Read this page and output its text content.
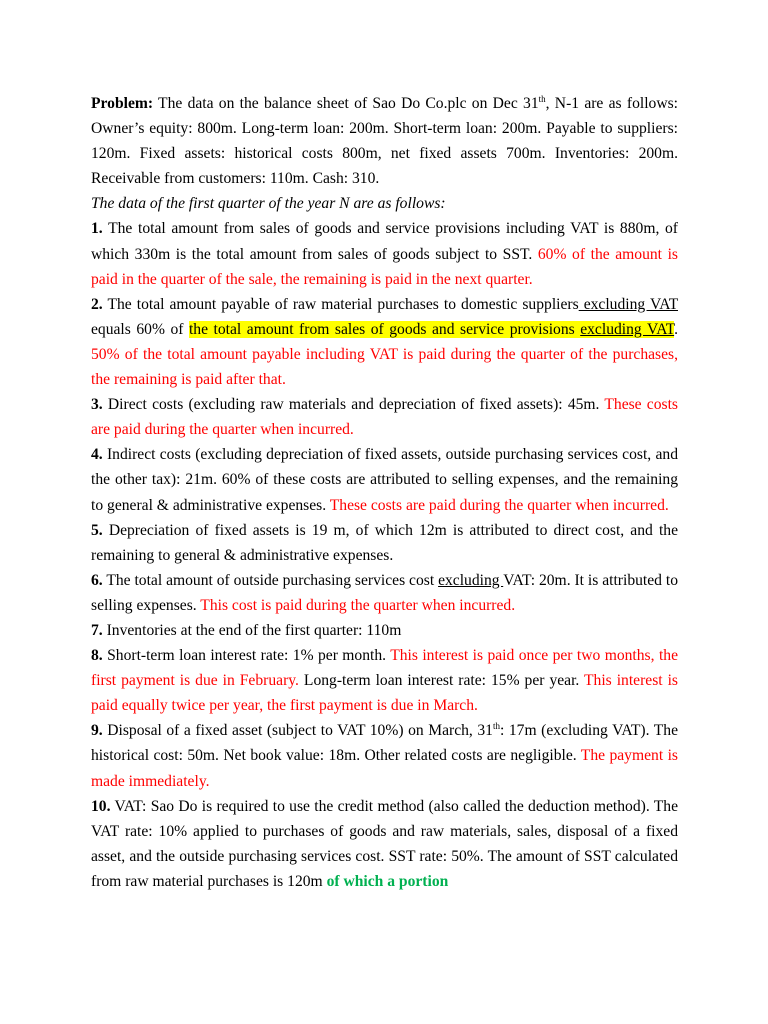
Problem: The data on the balance sheet of Sao Do Co.plc on Dec 31th, N-1 are as follows: Owner’s equity: 800m. Long-term loan: 200m. Short-term loan: 200m. Payable to suppliers: 120m. Fixed assets: historical costs 800m, net fixed assets 700m. Inventories: 200m. Receivable from customers: 110m. Cash: 310.

The data of the first quarter of the year N are as follows:

1. The total amount from sales of goods and service provisions including VAT is 880m, of which 330m is the total amount from sales of goods subject to SST. 60% of the amount is paid in the quarter of the sale, the remaining is paid in the next quarter.

2. The total amount payable of raw material purchases to domestic suppliers excluding VAT equals 60% of the total amount from sales of goods and service provisions excluding VAT. 50% of the total amount payable including VAT is paid during the quarter of the purchases, the remaining is paid after that.

3. Direct costs (excluding raw materials and depreciation of fixed assets): 45m. These costs are paid during the quarter when incurred.

4. Indirect costs (excluding depreciation of fixed assets, outside purchasing services cost, and the other tax): 21m. 60% of these costs are attributed to selling expenses, and the remaining to general & administrative expenses. These costs are paid during the quarter when incurred.

5. Depreciation of fixed assets is 19 m, of which 12m is attributed to direct cost, and the remaining to general & administrative expenses.

6. The total amount of outside purchasing services cost excluding VAT: 20m. It is attributed to selling expenses. This cost is paid during the quarter when incurred.

7. Inventories at the end of the first quarter: 110m

8. Short-term loan interest rate: 1% per month. This interest is paid once per two months, the first payment is due in February. Long-term loan interest rate: 15% per year. This interest is paid equally twice per year, the first payment is due in March.

9. Disposal of a fixed asset (subject to VAT 10%) on March, 31th: 17m (excluding VAT). The historical cost: 50m. Net book value: 18m. Other related costs are negligible. The payment is made immediately.

10. VAT: Sao Do is required to use the credit method (also called the deduction method). The VAT rate: 10% applied to purchases of goods and raw materials, sales, disposal of a fixed asset, and the outside purchasing services cost. SST rate: 50%. The amount of SST calculated from raw material purchases is 120m of which a portion
